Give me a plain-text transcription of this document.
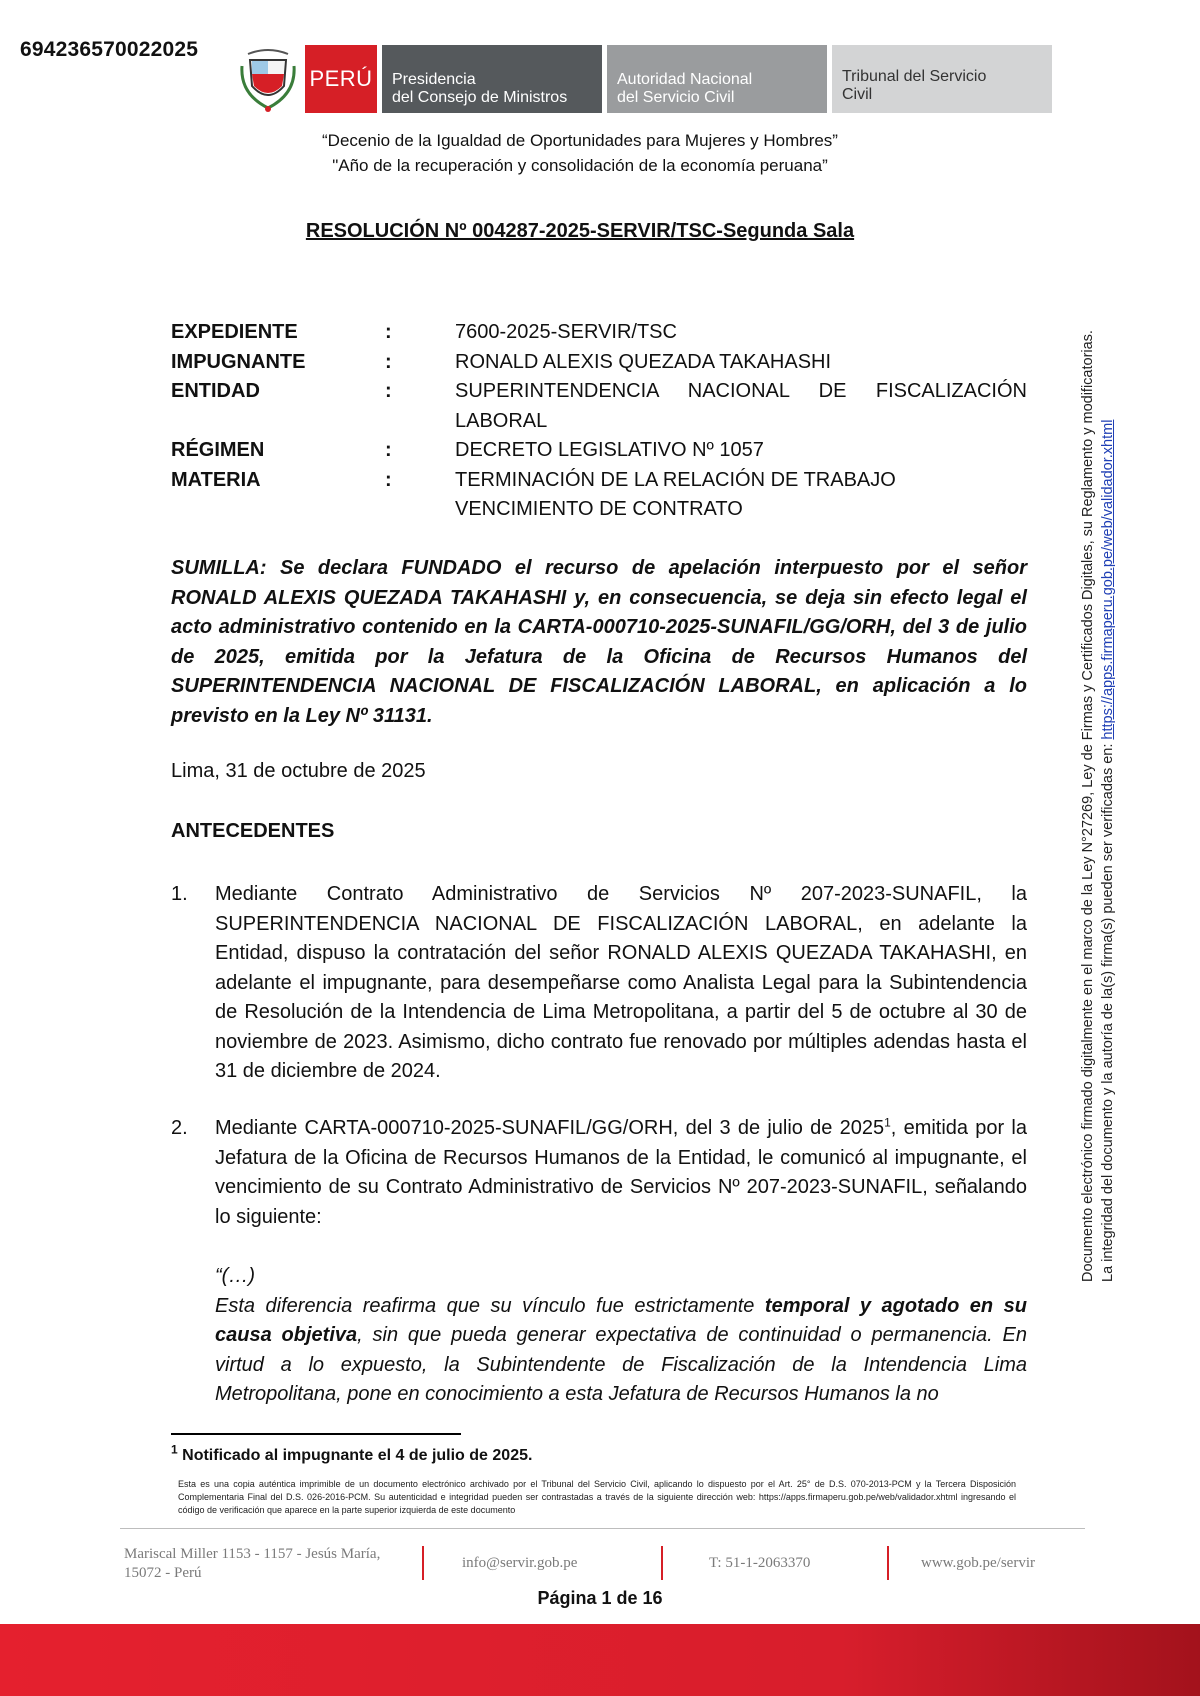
694236570022025
PERÚ Presidencia
del Consejo de Ministros
Autoridad Nacional
del Servicio Civil
Tribunal del Servicio
Civil
“Decenio de la Igualdad de Oportunidades para Mujeres y Hombres”
"Año de la recuperación y consolidación de la economía peruana”
RESOLUCIÓN Nº 004287-2025-SERVIR/TSC-Segunda Sala
EXPEDIENTE	:	7600-2025-SERVIR/TSC
IMPUGNANTE	:	RONALD ALEXIS QUEZADA TAKAHASHI
ENTIDAD	:	SUPERINTENDENCIA NACIONAL DE FISCALIZACIÓN
LABORAL
RÉGIMEN	:	DECRETO LEGISLATIVO Nº 1057
MATERIA	:	TERMINACIÓN DE LA RELACIÓN DE TRABAJO
VENCIMIENTO DE CONTRATO

SUMILLA: Se declara FUNDADO el recurso de apelación interpuesto por el señor RONALD ALEXIS QUEZADA TAKAHASHI y, en consecuencia, se deja sin efecto legal el acto administrativo contenido en la CARTA-000710-2025-SUNAFIL/GG/ORH, del 3 de julio de 2025, emitida por la Jefatura de la Oficina de Recursos Humanos del SUPERINTENDENCIA NACIONAL DE FISCALIZACIÓN LABORAL, en aplicación a lo previsto en la Ley Nº 31131.

Lima, 31 de octubre de 2025
ANTECEDENTES
1.	Mediante Contrato Administrativo de Servicios Nº 207-2023-SUNAFIL, la SUPERINTENDENCIA NACIONAL DE FISCALIZACIÓN LABORAL, en adelante la Entidad, dispuso la contratación del señor RONALD ALEXIS QUEZADA TAKAHASHI, en adelante el impugnante, para desempeñarse como Analista Legal para la Subintendencia de Resolución de la Intendencia de Lima Metropolitana, a partir del 5 de octubre al 30 de noviembre de 2023. Asimismo, dicho contrato fue renovado por múltiples adendas hasta el 31 de diciembre de 2024.

2.	Mediante CARTA-000710-2025-SUNAFIL/GG/ORH, del 3 de julio de 2025$^1$, emitida por la Jefatura de la Oficina de Recursos Humanos de la Entidad, le comunicó al impugnante, el vencimiento de su Contrato Administrativo de Servicios Nº 207-2023-SUNAFIL, señalando lo siguiente:

“(…)
Esta diferencia reafirma que su vínculo fue estrictamente temporal y agotado en su causa objetiva, sin que pueda generar expectativa de continuidad o permanencia. En virtud a lo expuesto, la Subintendente de Fiscalización de la Intendencia Lima Metropolitana, pone en conocimiento a esta Jefatura de Recursos Humanos la no

$^1$ Notificado al impugnante el 4 de julio de 2025.

Esta es una copia auténtica imprimible de un documento electrónico archivado por el Tribunal del Servicio Civil, aplicando lo dispuesto por el Art. 25° de D.S. 070-2013-PCM y la Tercera Disposición Complementaria Final del D.S. 026-2016-PCM. Su autenticidad e integridad pueden ser contrastadas a través de la siguiente dirección web: https://apps.firmaperu.gob.pe/web/validador.xhtml ingresando el código de verificación que aparece en la parte superior izquierda de este documento

Mariscal Miller 1153 - 1157 - Jesús María,
15072 - Perú
info@servir.gob.pe	T: 51-1-2063370	www.gob.pe/servir
Página 1 de 16
Documento electrónico firmado digitalmente en el marco de la Ley N°27269, Ley de Firmas y Certificados Digitales, su Reglamento y modificatorias. La integridad del documento y la autoría de la(s) firma(s) pueden ser verificadas en: https://apps.firmaperu.gob.pe/web/validador.xhtml
